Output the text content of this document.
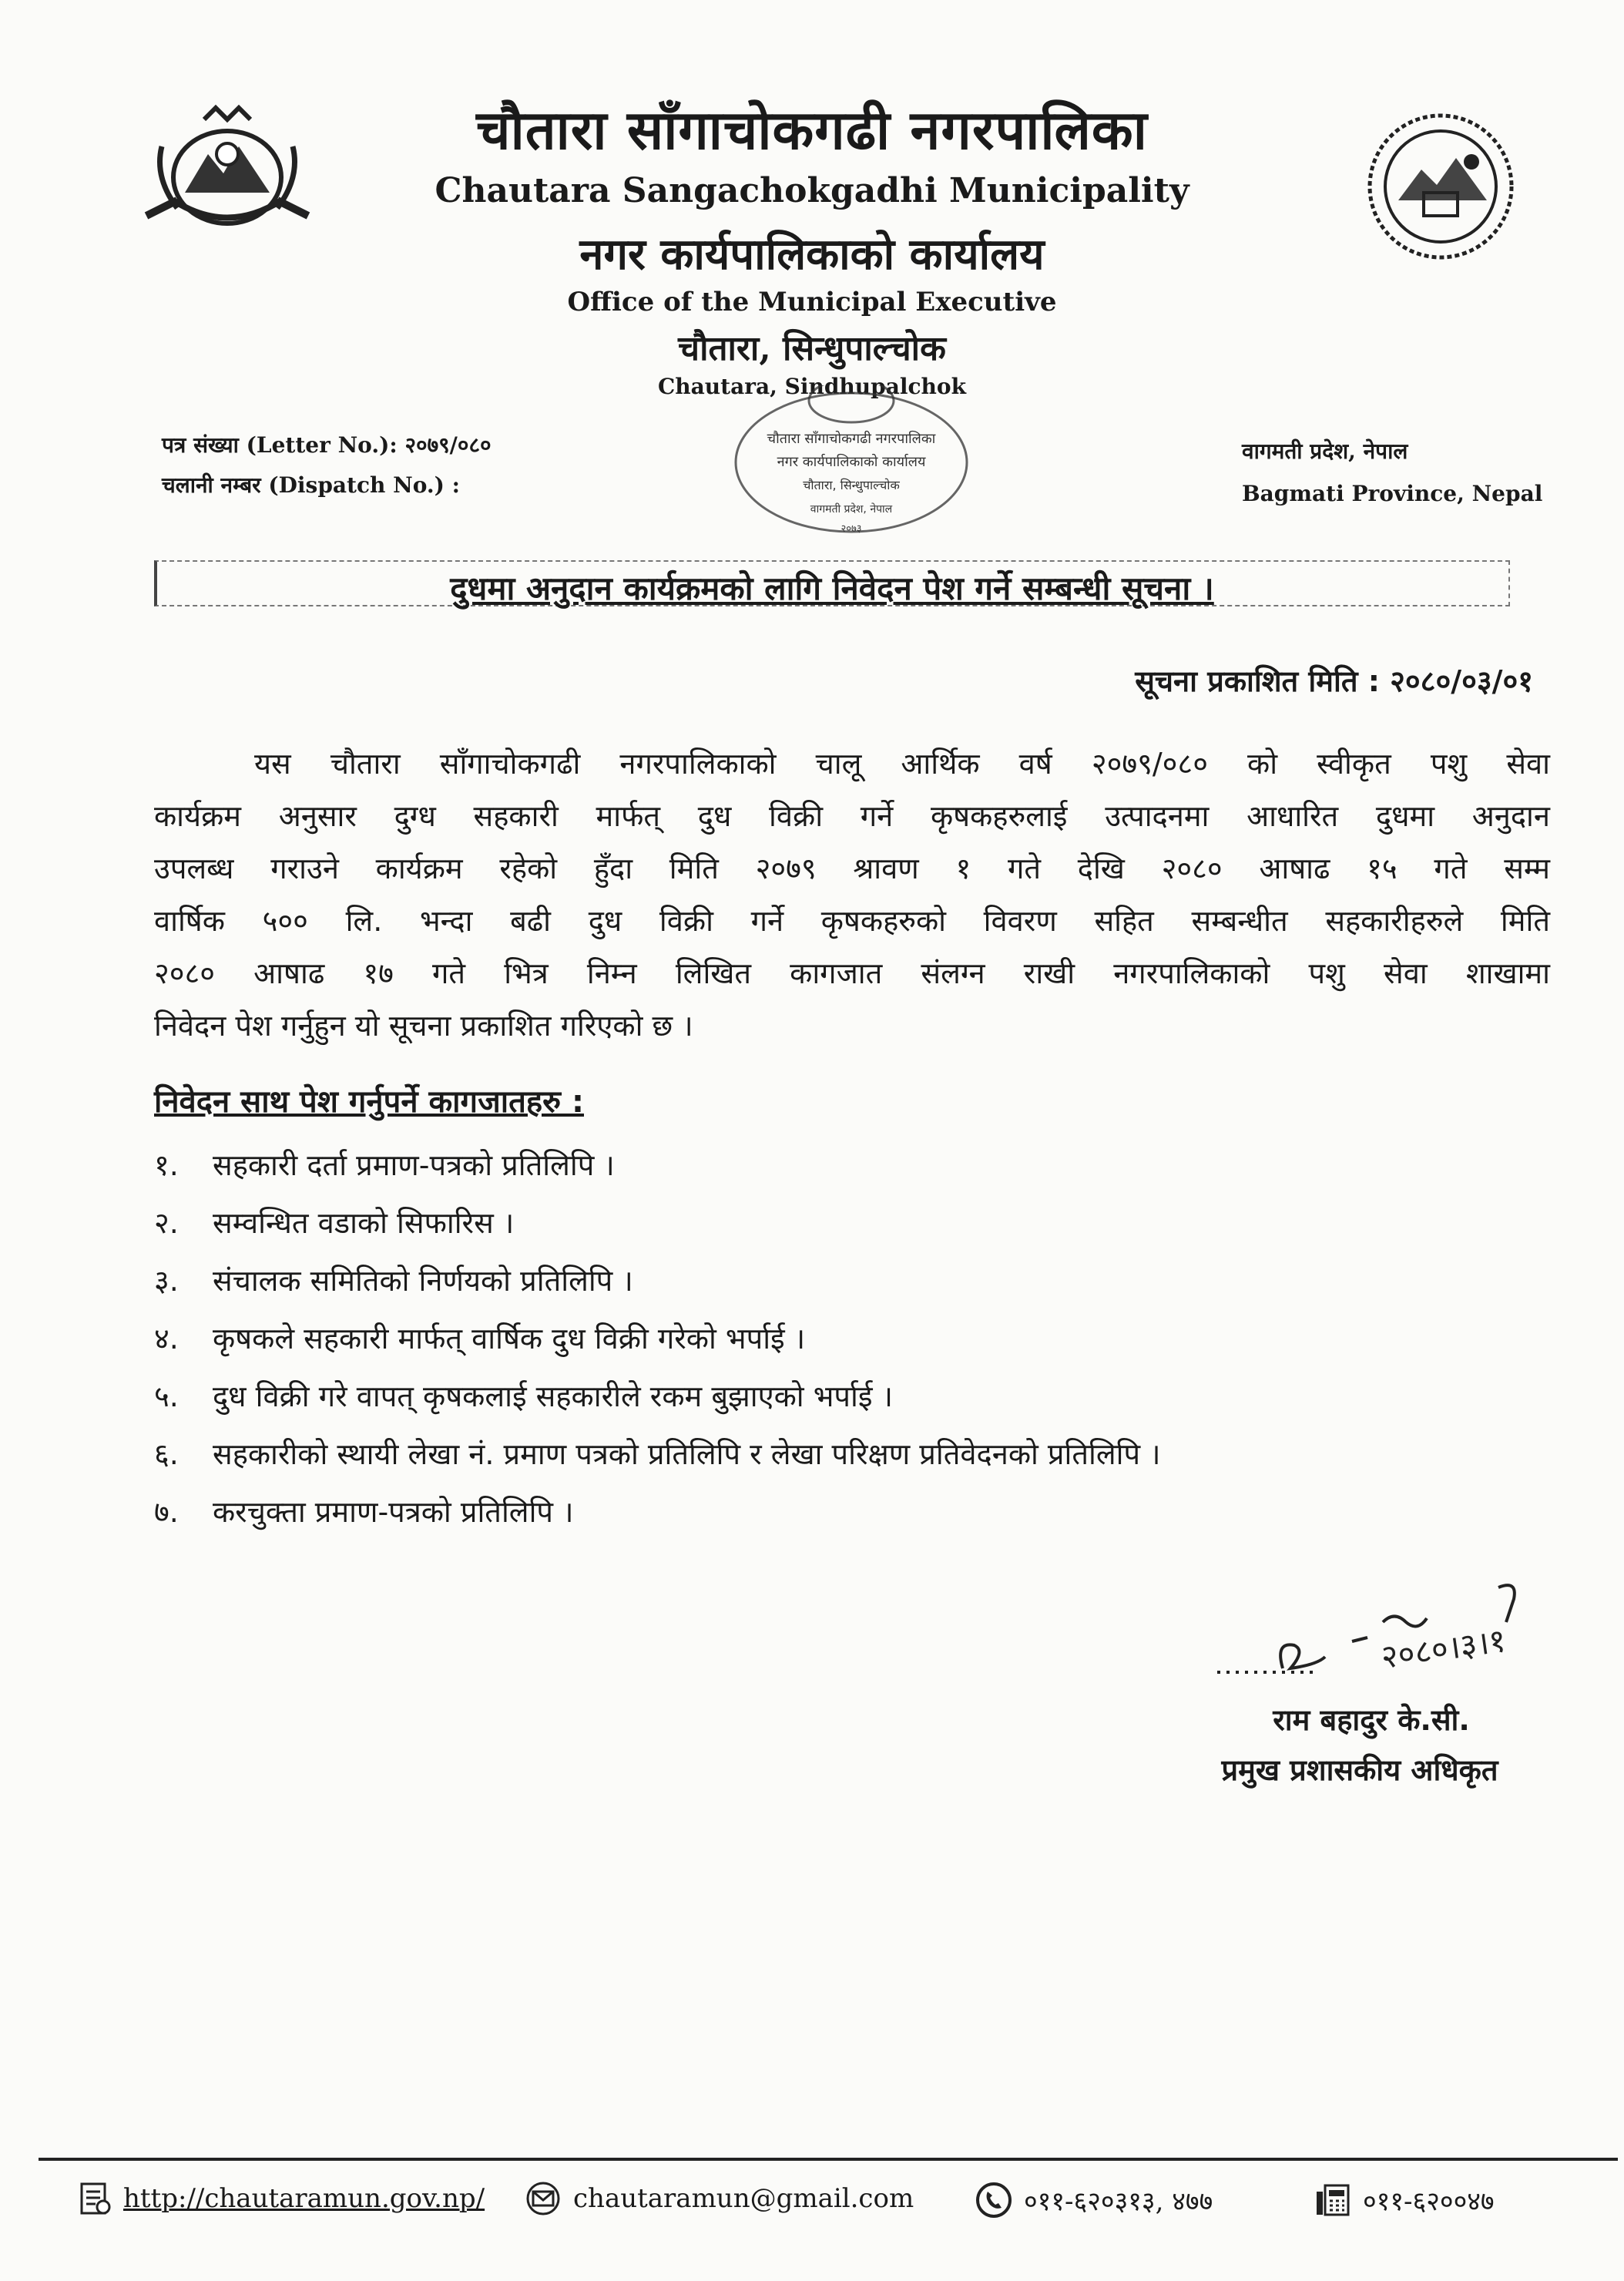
चौतारा साँगाचोकगढी नगरपालिका
Chautara Sangachokgadhi Municipality
नगर कार्यपालिकाको कार्यालय
Office of the Municipal Executive
चौतारा, सिन्धुपाल्चोक
Chautara, Sindhupalchok
पत्र संख्या (Letter No.): २०७९/०८०
चलानी नम्बर (Dispatch No.) :
वागमती प्रदेश, नेपाल
Bagmati Province, Nepal
चौतारा साँगाचोकगढी नगरपालिका
नगर कार्यपालिकाको कार्यालय
चौतारा, सिन्धुपाल्चोक
वागमती प्रदेश, नेपाल
२०७३
दुधमा अनुदान कार्यक्रमको लागि निवेदन पेश गर्ने सम्बन्धी सूचना ।
सूचना प्रकाशित मिति : २०८०/०३/०१
यस चौतारा साँगाचोकगढी नगरपालिकाको चालू आर्थिक वर्ष २०७९/०८० को स्वीकृत पशु सेवा
कार्यक्रम अनुसार दुग्ध सहकारी मार्फत् दुध विक्री गर्ने कृषकहरुलाई उत्पादनमा आधारित दुधमा अनुदान
उपलब्ध गराउने कार्यक्रम रहेको हुँदा मिति २०७९ श्रावण १ गते देखि २०८० आषाढ १५ गते सम्म
वार्षिक ५०० लि. भन्दा बढी दुध विक्री गर्ने कृषकहरुको विवरण सहित सम्बन्धीत सहकारीहरुले मिति
२०८० आषाढ १७ गते भित्र निम्न लिखित कागजात संलग्न राखी नगरपालिकाको पशु सेवा शाखामा
निवेदन पेश गर्नुहुन यो सूचना प्रकाशित गरिएको छ ।
निवेदन साथ पेश गर्नुपर्ने कागजातहरु :
१. सहकारी दर्ता प्रमाण-पत्रको प्रतिलिपि ।
२. सम्वन्धित वडाको सिफारिस ।
३. संचालक समितिको निर्णयको प्रतिलिपि ।
४. कृषकले सहकारी मार्फत् वार्षिक दुध विक्री गरेको भर्पाई ।
५. दुध विक्री गरे वापत् कृषकलाई सहकारीले रकम बुझाएको भर्पाई ।
६. सहकारीको स्थायी लेखा नं. प्रमाण पत्रको प्रतिलिपि र लेखा परिक्षण प्रतिवेदनको प्रतिलिपि ।
७. करचुक्ता प्रमाण-पत्रको प्रतिलिपि ।
२०८०।३।१
राम बहादुर के.सी.
प्रमुख प्रशासकीय अधिकृत
http://chautaramun.gov.np/	chautaramun@gmail.com	०११-६२०३१३, ४७७	०११-६२००४७
